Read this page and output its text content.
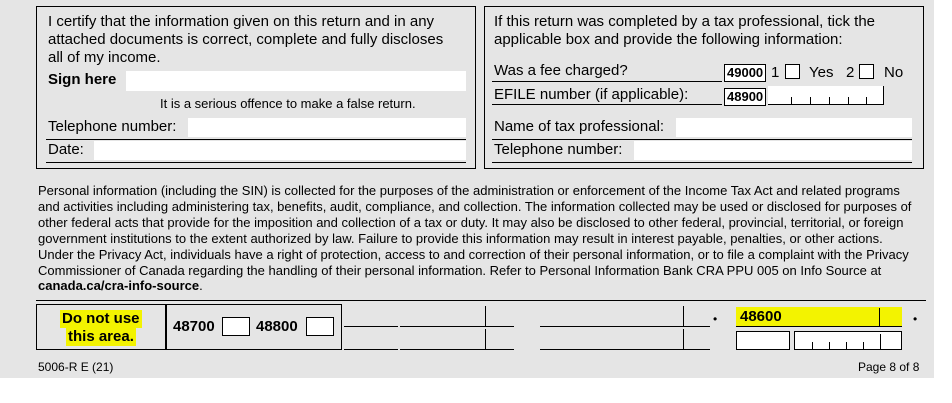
I certify that the information given on this return and in any
attached documents is correct, complete and fully discloses
all of my income.
Sign here
It is a serious offence to make a false return.
Telephone number:
Date:
If this return was completed by a tax professional, tick the
applicable box and provide the following information:
Was a fee charged?	49000 1 Yes 2 No
EFILE number (if applicable):	48900
Name of tax professional:
Telephone number:
Personal information (including the SIN) is collected for the purposes of the administration or enforcement of the Income Tax Act and related programs and activities including administering tax, benefits, audit, compliance, and collection. The information collected may be used or disclosed for purposes of other federal acts that provide for the imposition and collection of a tax or duty. It may also be disclosed to other federal, provincial, territorial, or foreign government institutions to the extent authorized by law. Failure to provide this information may result in interest payable, penalties, or other actions. Under the Privacy Act, individuals have a right of protection, access to and correction of their personal information, or to file a complaint with the Privacy Commissioner of Canada regarding the handling of their personal information. Refer to Personal Information Bank CRA PPU 005 on Info Source at canada.ca/cra-info-source.
Do not use
this area.
48700	48800	• 48600	•
5006-R E (21)	Page 8 of 8
